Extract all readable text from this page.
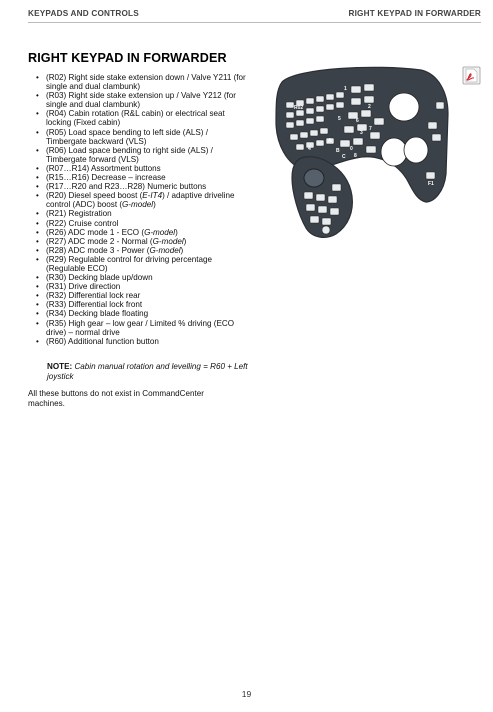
KEYPADS AND CONTROLS	RIGHT KEYPAD IN FORWARDER
RIGHT KEYPAD IN FORWARDER
• (R02) Right side stake extension down / Valve Y211 (for single and dual clambunk)
• (R03) Right side stake extension up / Valve Y212 (for single and dual clambunk)
• (R04) Cabin rotation (R&L cabin) or electrical seat locking (Fixed cabin)
• (R05) Load space bending to left side (ALS) / Timbergate backward (VLS)
• (R06) Load space bending to right side (ALS) / Timbergate forward (VLS)
• (R07…R14) Assortment buttons
• (R15…R16) Decrease – increase
• (R17…R20 and R23…R28) Numeric buttons
• (R20) Diesel speed boost (E-IT4) / adaptive driveline control (ADC) boost (G-model)
• (R21) Registration
• (R22) Cruise control
• (R26) ADC mode 1 - ECO (G-model)
• (R27) ADC mode 2 - Normal (G-model)
• (R28) ADC mode 3 - Power (G-model)
• (R29) Regulable control for driving percentage (Regulable ECO)
• (R30) Decking blade up/down
• (R31) Drive direction
• (R32) Differential lock rear
• (R33) Differential lock front
• (R34) Decking blade floating
• (R35) High gear – low gear / Limited % driving (ECO drive) – normal drive
• (R60) Additional function button
NOTE: Cabin manual rotation and levelling = R60 + Left joystick
All these buttons do not exist in CommandCenter machines.
R02
1
2
3
5	6
7
8
9
A
B
C
D E F
4	0
F1
19
